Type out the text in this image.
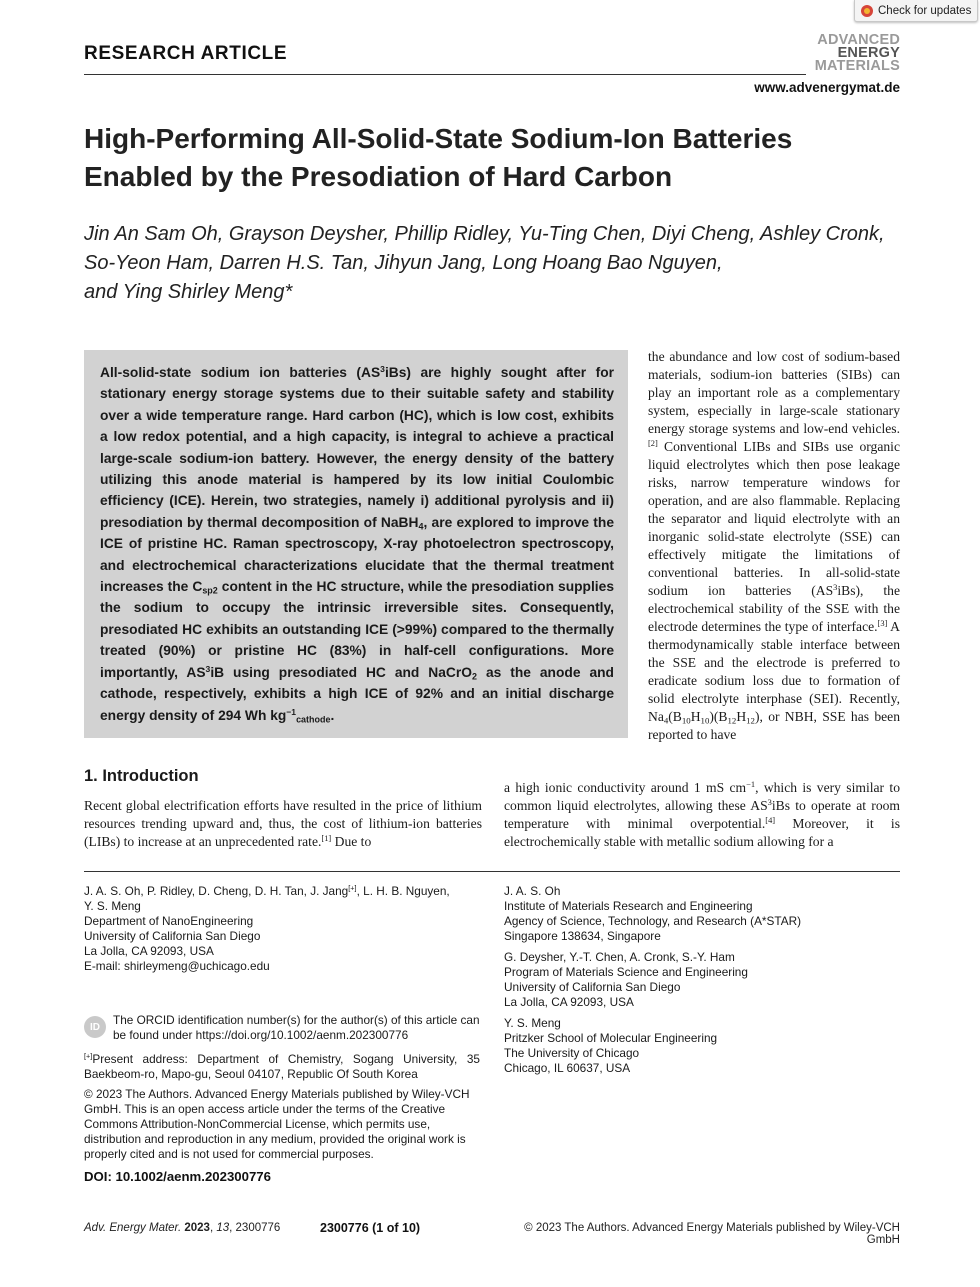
Check for updates
RESEARCH ARTICLE
ADVANCED
ENERGY
MATERIALS
www.advenergymat.de
High-Performing All-Solid-State Sodium-Ion Batteries Enabled by the Presodiation of Hard Carbon
Jin An Sam Oh, Grayson Deysher, Phillip Ridley, Yu-Ting Chen, Diyi Cheng, Ashley Cronk,
So-Yeon Ham, Darren H.S. Tan, Jihyun Jang, Long Hoang Bao Nguyen,
and Ying Shirley Meng*
All-solid-state sodium ion batteries $(AS^3iBs)$ are highly sought after for stationary energy storage systems due to their suitable safety and stability over a wide temperature range. Hard carbon (HC), which is low cost, exhibits a low redox potential, and a high capacity, is integral to achieve a practical large-scale sodium-ion battery. However, the energy density of the battery utilizing this anode material is hampered by its low initial Coulombic efficiency (ICE). Herein, two strategies, namely i) additional pyrolysis and ii) presodiation by thermal decomposition of NaBH$_4$, are explored to improve the ICE of pristine HC. Raman spectroscopy, X-ray photoelectron spectroscopy, and electrochemical characterizations elucidate that the thermal treatment increases the $C_{sp2}$ content in the HC structure, while the presodiation supplies the sodium to occupy the intrinsic irreversible sites. Consequently, presodiated HC exhibits an outstanding ICE (>99%) compared to the thermally treated (90%) or pristine HC (83%) in half-cell configurations. More importantly, $AS^3iB$ using presodiated HC and NaCrO$_2$ as the anode and cathode, respectively, exhibits a high ICE of 92% and an initial discharge energy density of 294 Wh $kg^{-1}_{cathode}$.
the abundance and low cost of sodium-based materials, sodium-ion batteries (SIBs) can play an important role as a complementary system, especially in large-scale stationary energy storage systems and low-end vehicles.[2] Conventional LIBs and SIBs use organic liquid electrolytes which then pose leakage risks, narrow temperature windows for operation, and are also flammable. Replacing the separator and liquid electrolyte with an inorganic solid-state electrolyte (SSE) can effectively mitigate the limitations of conventional batteries. In all-solid-state sodium ion batteries $(AS^3iBs)$, the electrochemical stability of the SSE with the electrode determines the type of interface.[3] A thermodynamically stable interface between the SSE and the electrode is preferred to eradicate sodium loss due to formation of solid electrolyte interphase (SEI). Recently, $Na_4(B_{10}H_{10})(B_{12}H_{12})$, or NBH, SSE has been reported to have
a high ionic conductivity around 1 mS $cm^{-1}$, which is very similar to common liquid electrolytes, allowing these $AS^3iBs$ to operate at room temperature with minimal overpotential.[4] Moreover, it is electrochemically stable with metallic sodium allowing for a
1. Introduction
Recent global electrification efforts have resulted in the price of lithium resources trending upward and, thus, the cost of lithium-ion batteries (LIBs) to increase at an unprecedented rate.[1] Due to
J. A. S. Oh, P. Ridley, D. Cheng, D. H. Tan, J. Jang[+], L. H. B. Nguyen,
Y. S. Meng
Department of NanoEngineering
University of California San Diego
La Jolla, CA 92093, USA
E-mail: shirleymeng@uchicago.edu
ID	The ORCID identification number(s) for the author(s) of this article can be found under https://doi.org/10.1002/aenm.202300776
[+]Present address: Department of Chemistry, Sogang University, 35 Baekbeom-ro, Mapo-gu, Seoul 04107, Republic Of South Korea
© 2023 The Authors. Advanced Energy Materials published by Wiley-VCH GmbH. This is an open access article under the terms of the Creative Commons Attribution-NonCommercial License, which permits use, distribution and reproduction in any medium, provided the original work is properly cited and is not used for commercial purposes.
DOI: 10.1002/aenm.202300776
J. A. S. Oh
Institute of Materials Research and Engineering
Agency of Science, Technology, and Research (A*STAR)
Singapore 138634, Singapore
G. Deysher, Y.-T. Chen, A. Cronk, S.-Y. Ham
Program of Materials Science and Engineering
University of California San Diego
La Jolla, CA 92093, USA
Y. S. Meng
Pritzker School of Molecular Engineering
The University of Chicago
Chicago, IL 60637, USA
Adv. Energy Mater. 2023, 13, 2300776	2300776 (1 of 10)	© 2023 The Authors. Advanced Energy Materials published by Wiley-VCH GmbH
